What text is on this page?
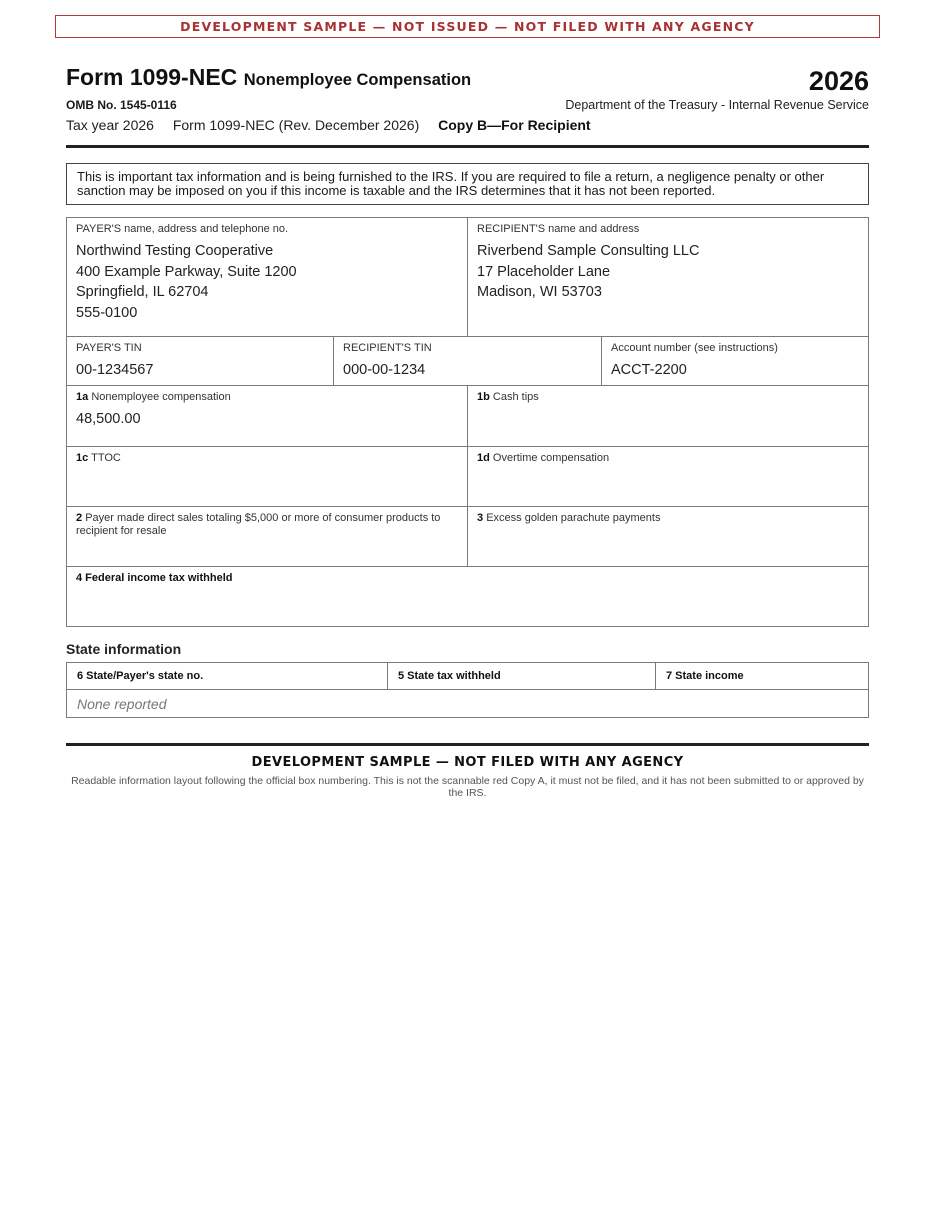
DEVELOPMENT SAMPLE — NOT ISSUED — NOT FILED WITH ANY AGENCY
Form 1099-NEC Nonemployee Compensation	2026
OMB No. 1545-0116	Department of the Treasury - Internal Revenue Service
Tax year 2026 Form 1099-NEC (Rev. December 2026) Copy B—For Recipient
This is important tax information and is being furnished to the IRS. If you are required to file a return, a negligence penalty or other sanction may be imposed on you if this income is taxable and the IRS determines that it has not been reported.
PAYER'S name, address and telephone no.
Northwind Testing Cooperative
400 Example Parkway, Suite 1200
Springfield, IL 62704
555-0100
RECIPIENT'S name and address
Riverbend Sample Consulting LLC
17 Placeholder Lane
Madison, WI 53703
PAYER'S TIN
00-1234567
RECIPIENT'S TIN
000-00-1234
Account number (see instructions)
ACCT-2200
1a Nonemployee compensation
48,500.00
1b Cash tips
1c TTOC	1d Overtime compensation
2 Payer made direct sales totaling $5,000 or more of consumer products to recipient for resale
3 Excess golden parachute payments
4 Federal income tax withheld
State information
6 State/Payer's state no.	5 State tax withheld	7 State income
None reported
DEVELOPMENT SAMPLE — NOT FILED WITH ANY AGENCY
Readable information layout following the official box numbering. This is not the scannable red Copy A, it must not be filed, and it has not been submitted to or approved by the IRS.
